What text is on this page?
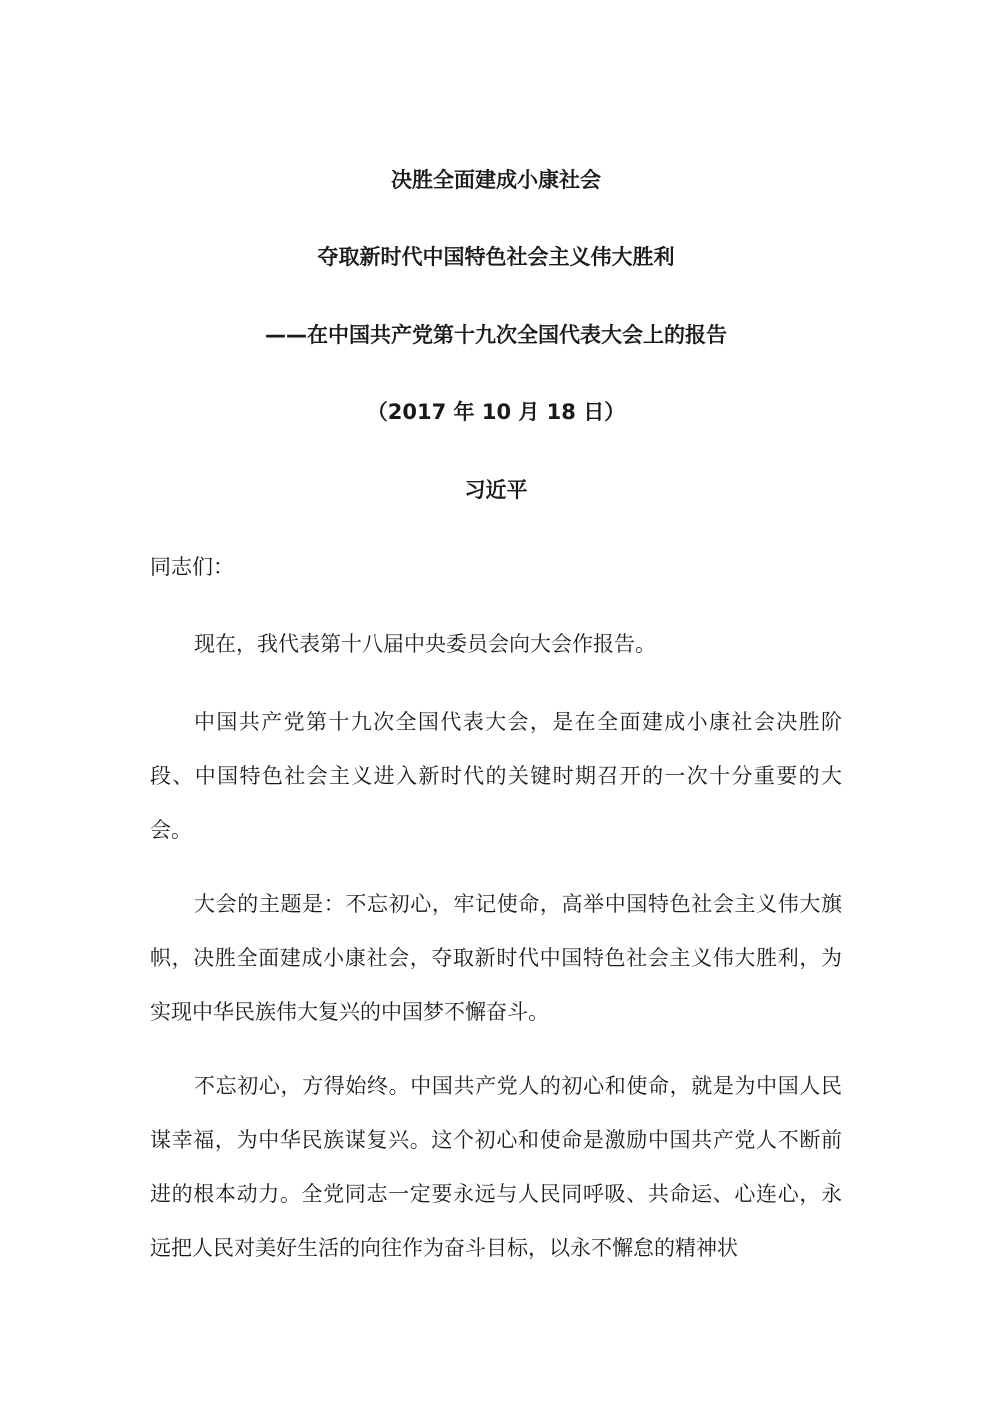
决胜全面建成小康社会
夺取新时代中国特色社会主义伟大胜利
——在中国共产党第十九次全国代表大会上的报告
（2017 年 10 月 18 日）
习近平
同志们：
现在，我代表第十八届中央委员会向大会作报告。
中国共产党第十九次全国代表大会，是在全面建成小康社会决胜阶段、中国特色社会主义进入新时代的关键时期召开的一次十分重要的大会。
大会的主题是：不忘初心，牢记使命，高举中国特色社会主义伟大旗帜，决胜全面建成小康社会，夺取新时代中国特色社会主义伟大胜利，为实现中华民族伟大复兴的中国梦不懈奋斗。
不忘初心，方得始终。中国共产党人的初心和使命，就是为中国人民谋幸福，为中华民族谋复兴。这个初心和使命是激励中国共产党人不断前进的根本动力。全党同志一定要永远与人民同呼吸、共命运、心连心，永远把人民对美好生活的向往作为奋斗目标，以永不懈怠的精神状
